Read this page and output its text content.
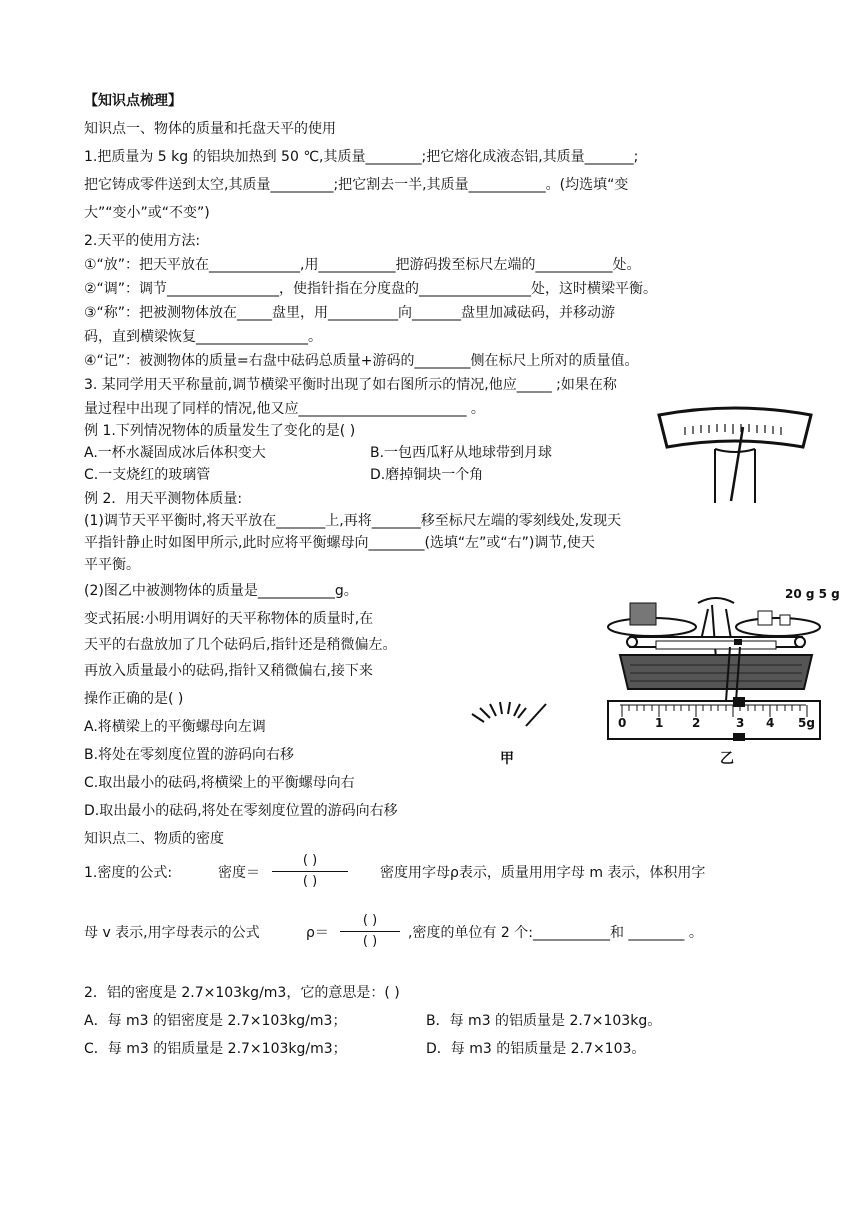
【知识点梳理】
知识点一、物体的质量和托盘天平的使用
1.把质量为 5 kg 的铝块加热到 50 ℃,其质量________;把它熔化成液态铝,其质量_______;
把它铸成零件送到太空,其质量_________;把它割去一半,其质量___________。(均选填“变
大”“变小”或“不变”)
2.天平的使用方法:
①“放”：把天平放在_____________,用___________把游码拨至标尺左端的___________处。
②“调”：调节________________，使指针指在分度盘的________________处，这时横梁平衡。
③“称”：把被测物体放在_____盘里，用__________向_______盘里加减砝码，并移动游
码，直到横梁恢复________________。
④“记”：被测物体的质量=右盘中砝码总质量+游码的________侧在标尺上所对的质量值。
3. 某同学用天平称量前,调节横梁平衡时出现了如右图所示的情况,他应_____ ;如果在称
量过程中出现了同样的情况,他又应________________________ 。
例 1.下列情况物体的质量发生了变化的是( )
A.一杯水凝固成冰后体积变大	B.一包西瓜籽从地球带到月球
C.一支烧红的玻璃管	D.磨掉铜块一个角
例 2．用天平测物体质量:
(1)调节天平平衡时,将天平放在_______上,再将_______移至标尺左端的零刻线处,发现天
平指针静止时如图甲所示,此时应将平衡螺母向________(选填“左”或“右”)调节,使天
平平衡。
(2)图乙中被测物体的质量是___________g。
变式拓展:小明用调好的天平称物体的质量时,在
天平的右盘放加了几个砝码后,指针还是稍微偏左。
再放入质量最小的砝码,指针又稍微偏右,接下来
操作正确的是( )
A.将横梁上的平衡螺母向左调
B.将处在零刻度位置的游码向右移
C.取出最小的砝码,将横梁上的平衡螺母向右
D.取出最小的砝码,将处在零刻度位置的游码向右移
知识点二、物质的密度
1.密度的公式:	密度＝
( )
( )
密度用字母ρ表示，质量用用字母 m 表示，体积用字
母 v 表示,用字母表示的公式	ρ＝
( )
( )
,密度的单位有 2 个:___________和 ________ 。
2．铝的密度是 2.7×103kg/m3，它的意思是：( )
A．每 m3 的铝密度是 2.7×103kg/m3；	B．每 m3 的铝质量是 2.7×103kg。
C．每 m3 的铝质量是 2.7×103kg/m3；	D．每 m3 的铝质量是 2.7×103。
甲
20 g 5 g
0 1 2	3 4 5g
乙
